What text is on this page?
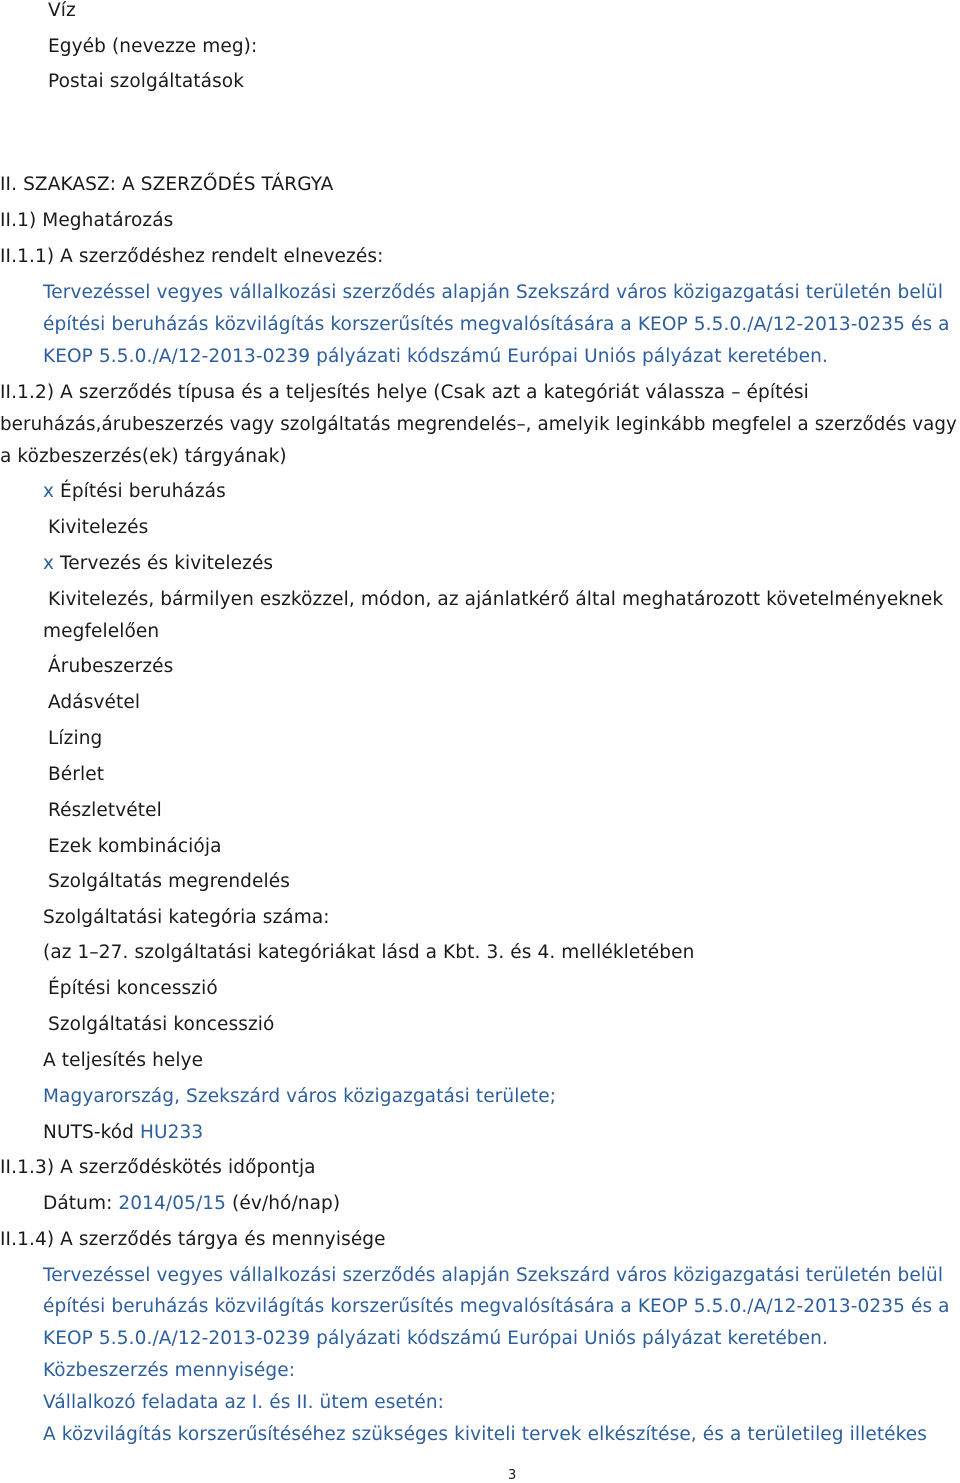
Víz
Egyéb (nevezze meg):
Postai szolgáltatások
II. SZAKASZ: A SZERZŐDÉS TÁRGYA
II.1) Meghatározás
II.1.1) A szerződéshez rendelt elnevezés:
Tervezéssel vegyes vállalkozási szerződés alapján Szekszárd város közigazgatási területén belül
építési beruházás közvilágítás korszerűsítés megvalósítására a KEOP 5.5.0./A/12-2013-0235 és a
KEOP 5.5.0./A/12-2013-0239 pályázati kódszámú Európai Uniós pályázat keretében.
II.1.2) A szerződés típusa és a teljesítés helye (Csak azt a kategóriát válassza – építési
beruházás,árubeszerzés vagy szolgáltatás megrendelés–, amelyik leginkább megfelel a szerződés vagy
a közbeszerzés(ek) tárgyának)
x Építési beruházás
Kivitelezés
x Tervezés és kivitelezés
Kivitelezés, bármilyen eszközzel, módon, az ajánlatkérő által meghatározott követelményeknek
megfelelően
Árubeszerzés
Adásvétel
Lízing
Bérlet
Részletvétel
Ezek kombinációja
Szolgáltatás megrendelés
Szolgáltatási kategória száma:
(az 1–27. szolgáltatási kategóriákat lásd a Kbt. 3. és 4. mellékletében
Építési koncesszió
Szolgáltatási koncesszió
A teljesítés helye
Magyarország, Szekszárd város közigazgatási területe;
NUTS-kód HU233
II.1.3) A szerződéskötés időpontja
Dátum: 2014/05/15 (év/hó/nap)
II.1.4) A szerződés tárgya és mennyisége
Tervezéssel vegyes vállalkozási szerződés alapján Szekszárd város közigazgatási területén belül
építési beruházás közvilágítás korszerűsítés megvalósítására a KEOP 5.5.0./A/12-2013-0235 és a
KEOP 5.5.0./A/12-2013-0239 pályázati kódszámú Európai Uniós pályázat keretében.
Közbeszerzés mennyisége:
Vállalkozó feladata az I. és II. ütem esetén:
A közvilágítás korszerűsítéséhez szükséges kiviteli tervek elkészítése, és a területileg illetékes
3
